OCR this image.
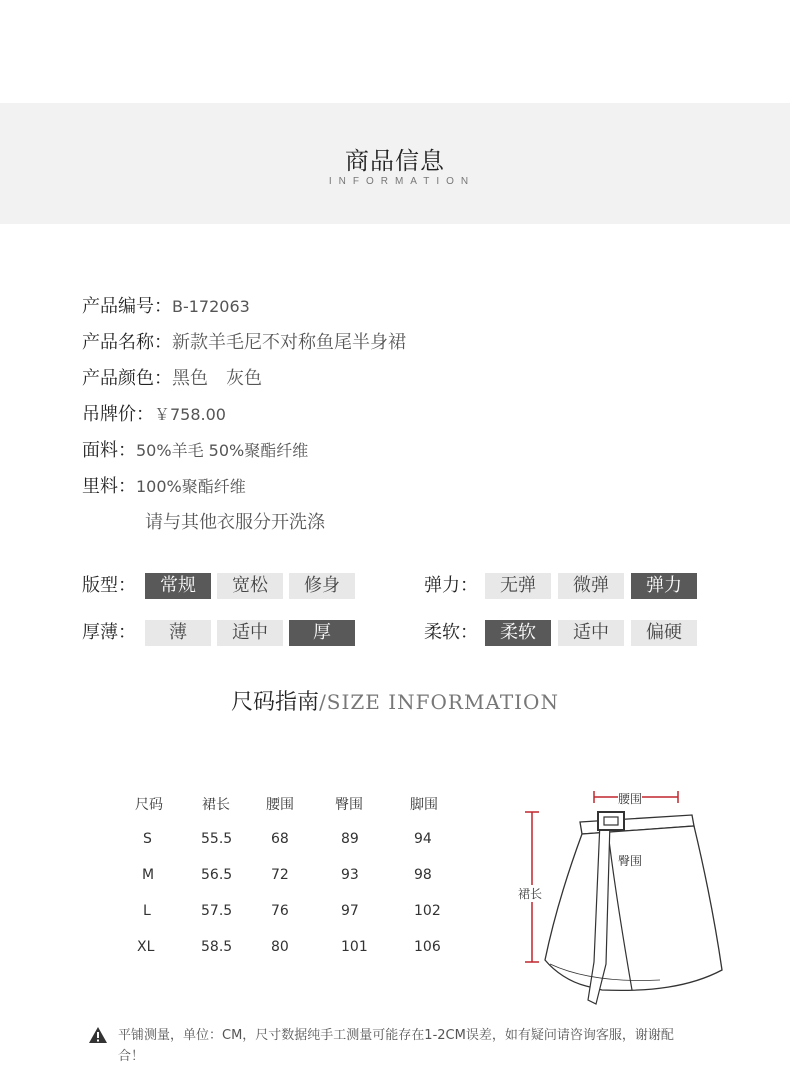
商品信息
INFORMATION
产品编号：B-172063
产品名称：新款羊毛尼不对称鱼尾半身裙
产品颜色：黑色　灰色
吊牌价：￥758.00
面料：50%羊毛 50%聚酯纤维
里料：100%聚酯纤维
请与其他衣服分开洗涤
版型：	常规	宽松	修身	弹力：	无弹	微弹	弹力
厚薄：	薄	适中	厚	柔软：	柔软	适中	偏硬
尺码指南/SIZE INFORMATION
尺码	裙长	腰围	臀围	脚围
S	55.5	68	89	94
M	56.5	72	93	98
L	57.5	76	97	102
XL	58.5	80	101	106
腰围
臀围
裙长
平铺测量，单位：CM，尺寸数据纯手工测量可能存在1-2CM误差，如有疑问请咨询客服，谢谢配合！
